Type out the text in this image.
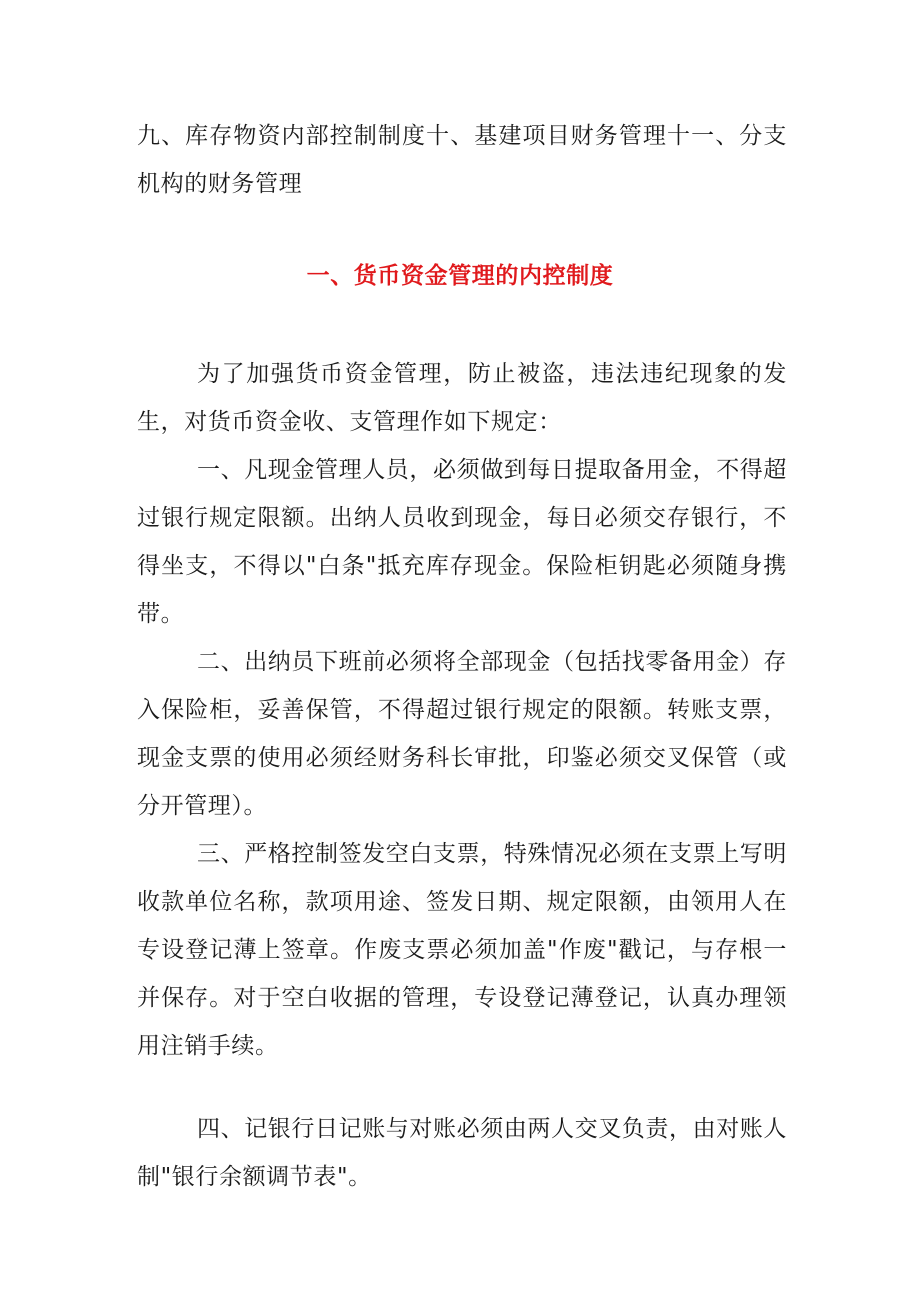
九、库存物资内部控制制度十、基建项目财务管理十一、分支机构的财务管理

一、货币资金管理的内控制度

为了加强货币资金管理，防止被盗，违法违纪现象的发生，对货币资金收、支管理作如下规定：

一、凡现金管理人员，必须做到每日提取备用金，不得超过银行规定限额。出纳人员收到现金，每日必须交存银行，不得坐支，不得以"白条"抵充库存现金。保险柜钥匙必须随身携带。

二、出纳员下班前必须将全部现金（包括找零备用金）存入保险柜，妥善保管，不得超过银行规定的限额。转账支票，现金支票的使用必须经财务科长审批，印鉴必须交叉保管（或分开管理）。

三、严格控制签发空白支票，特殊情况必须在支票上写明收款单位名称，款项用途、签发日期、规定限额，由领用人在专设登记薄上签章。作废支票必须加盖"作废"戳记，与存根一并保存。对于空白收据的管理，专设登记薄登记，认真办理领用注销手续。

四、记银行日记账与对账必须由两人交叉负责，由对账人制"银行余额调节表"。
